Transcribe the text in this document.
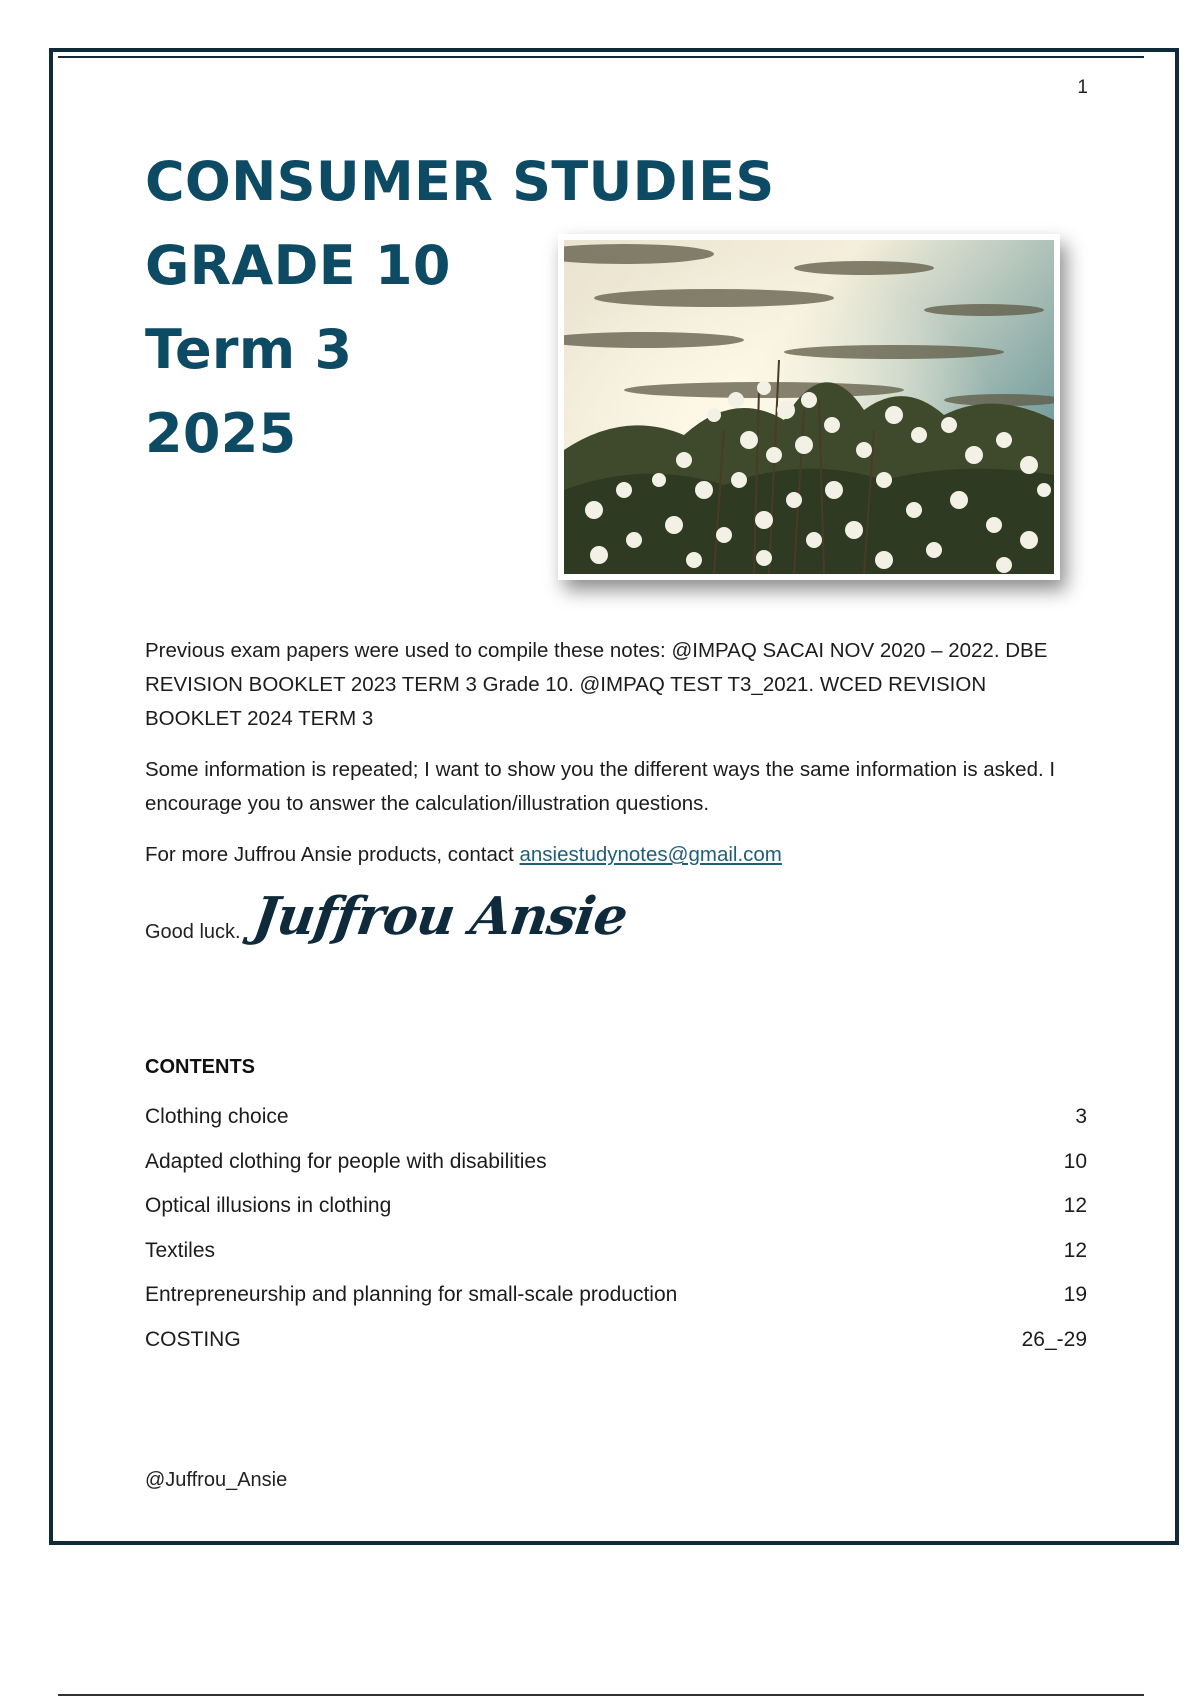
1
CONSUMER STUDIES
GRADE 10
Term 3
2025
Previous exam papers were used to compile these notes: @IMPAQ SACAI NOV 2020 – 2022. DBE REVISION BOOKLET 2023 TERM 3 Grade 10. @IMPAQ TEST T3_2021. WCED REVISION BOOKLET 2024 TERM 3
Some information is repeated; I want to show you the different ways the same information is asked. I encourage you to answer the calculation/illustration questions.
For more Juffrou Ansie products, contact ansiestudynotes@gmail.com
Good luck. Juffrou Ansie
CONTENTS
Clothing choice	3
Adapted clothing for people with disabilities	10
Optical illusions in clothing	12
Textiles	12
Entrepreneurship and planning for small-scale production	19
COSTING	26_-29
@Juffrou_Ansie
